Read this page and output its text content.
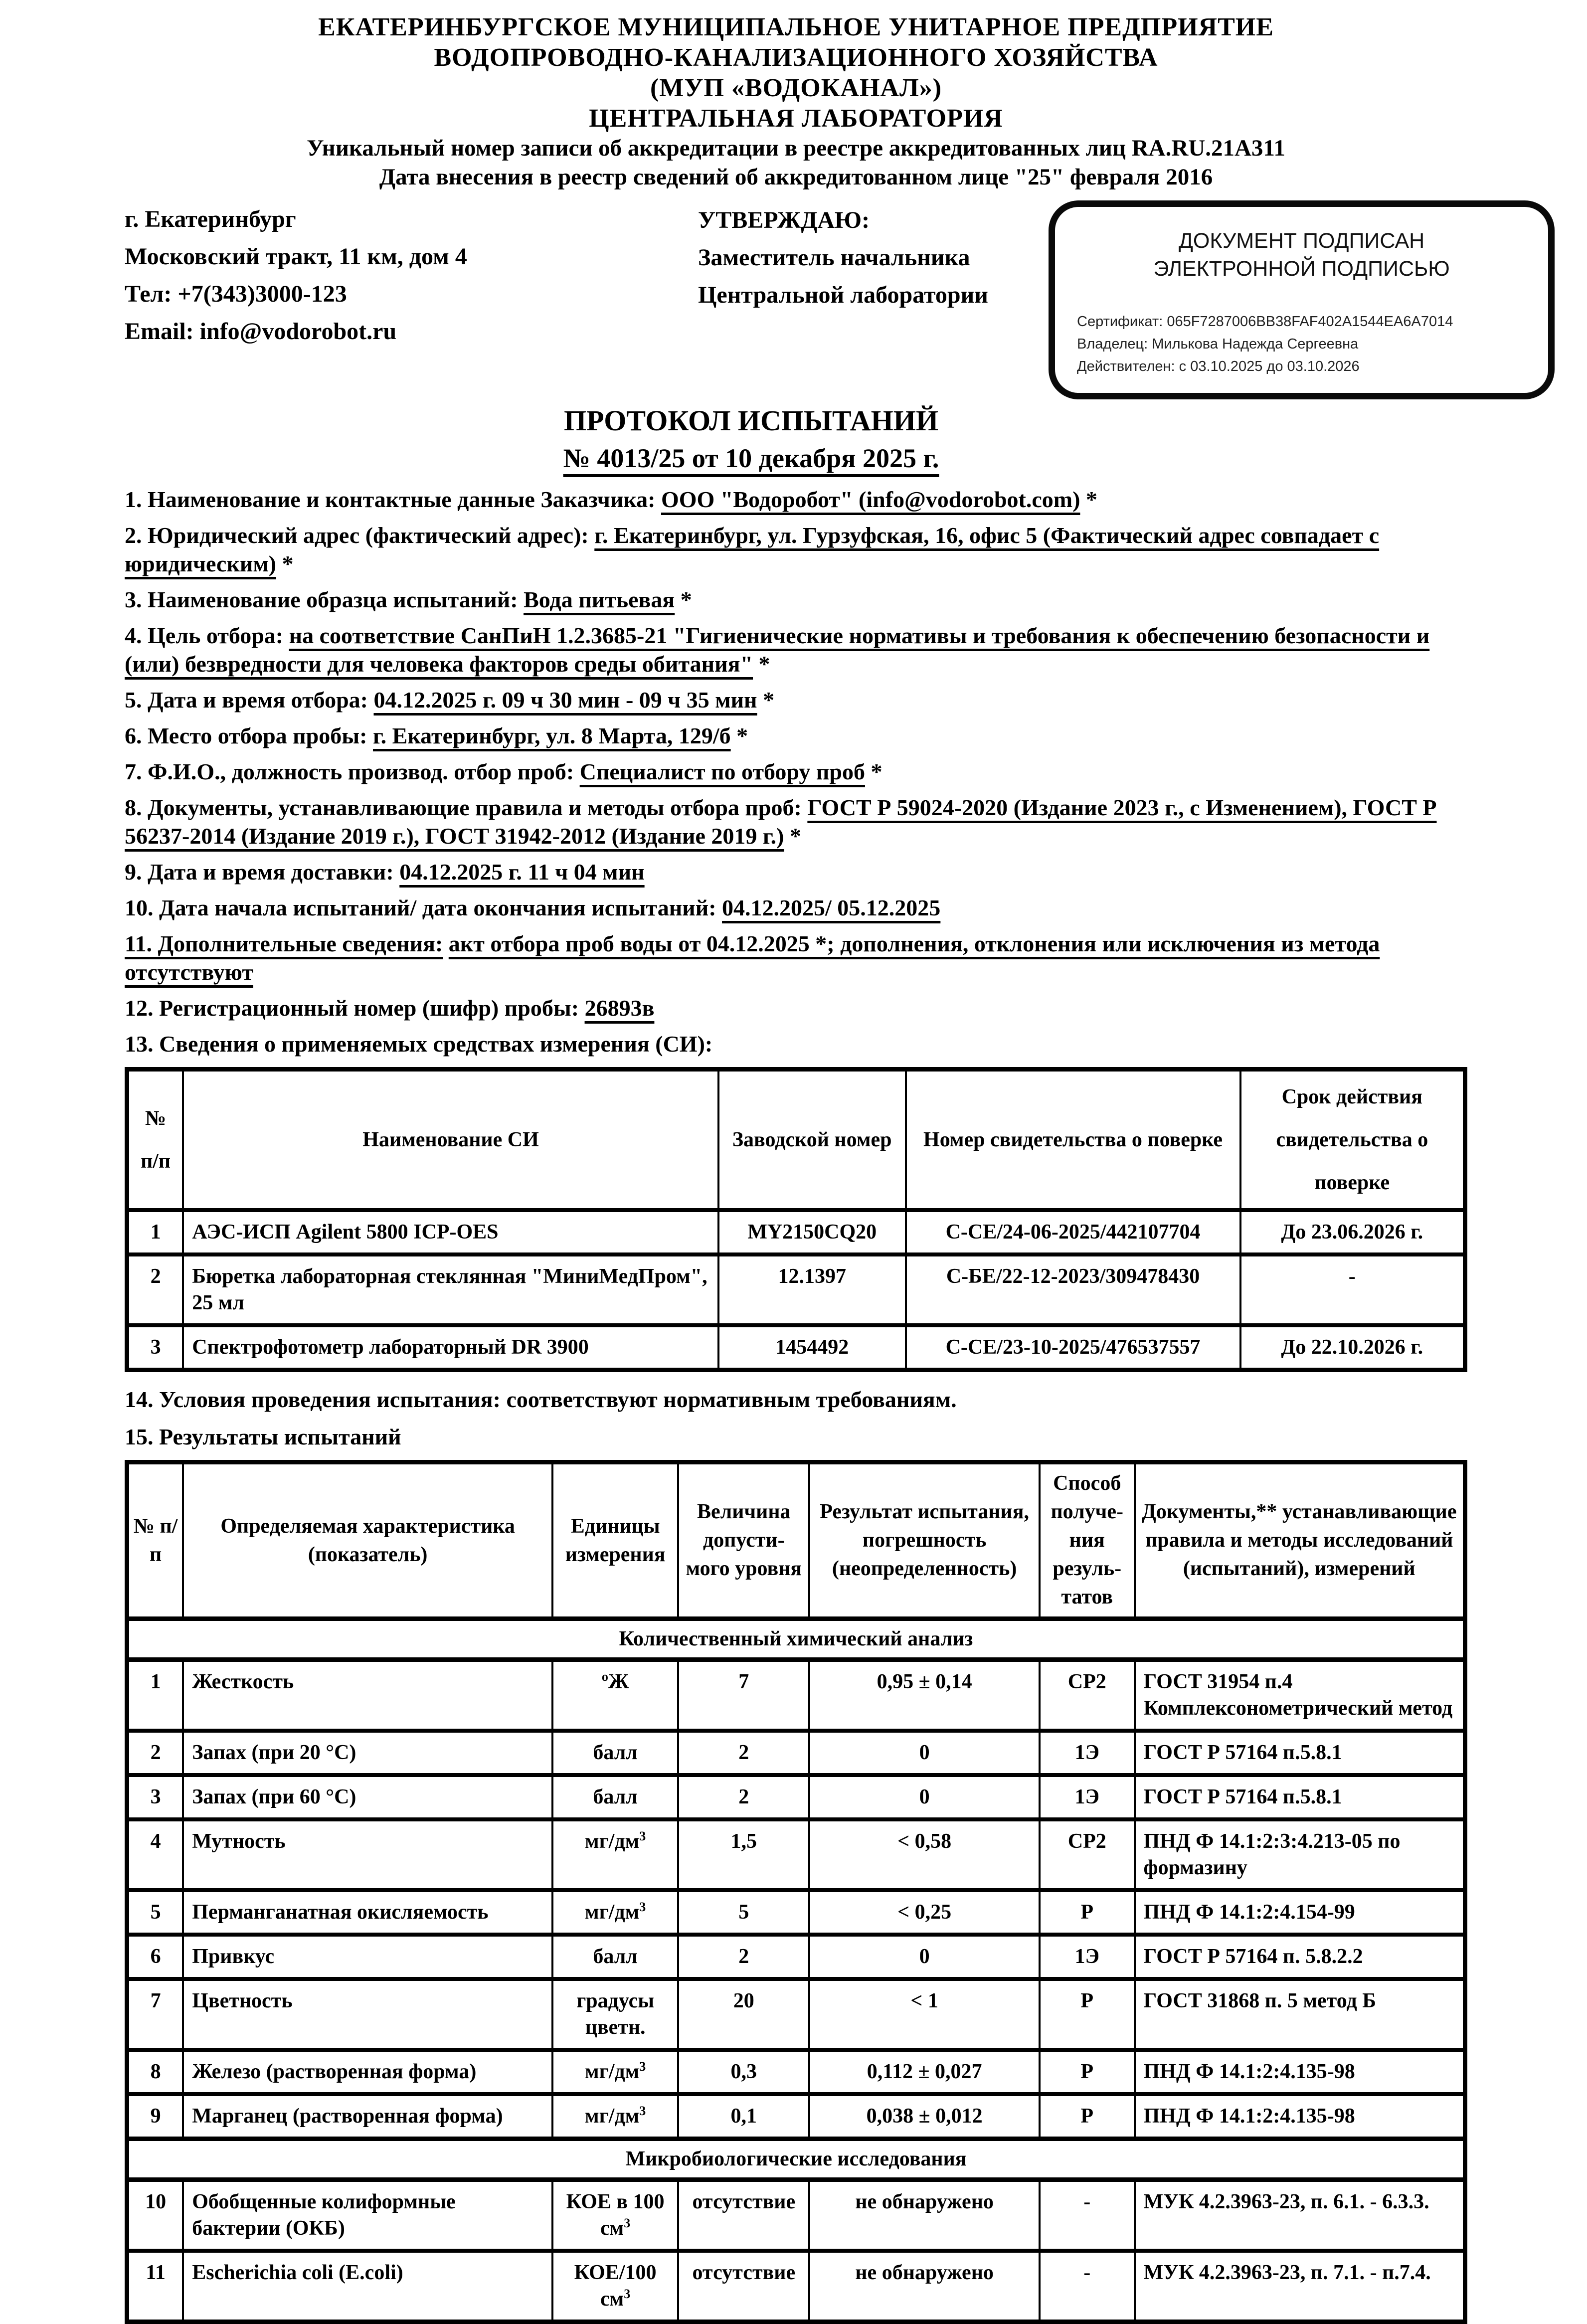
ЕКАТЕРИНБУРГСКОЕ МУНИЦИПАЛЬНОЕ УНИТАРНОЕ ПРЕДПРИЯТИЕ
ВОДОПРОВОДНО-КАНАЛИЗАЦИОННОГО ХОЗЯЙСТВА
(МУП «ВОДОКАНАЛ»)
ЦЕНТРАЛЬНАЯ ЛАБОРАТОРИЯ
Уникальный номер записи об аккредитации в реестре аккредитованных лиц RA.RU.21А311
Дата внесения в реестр сведений об аккредитованном лице "25" февраля 2016
г. Екатеринбург
Московский тракт, 11 км, дом 4
Тел: +7(343)3000-123
Email: info@vodorobot.ru
УТВЕРЖДАЮ:
Заместитель начальника
Центральной лаборатории
ДОКУМЕНТ ПОДПИСАН
ЭЛЕКТРОННОЙ ПОДПИСЬЮ
Сертификат: 065F7287006BB38FAF402A1544EA6A7014
Владелец: Милькова Надежда Сергеевна
Действителен: с 03.10.2025 до 03.10.2026
ПРОТОКОЛ ИСПЫТАНИЙ
№ 4013/25 от 10 декабря 2025 г.

1. Наименование и контактные данные Заказчика: ООО "Водоробот" (info@vodorobot.com) *

2. Юридический адрес (фактический адрес): г. Екатеринбург, ул. Гурзуфская, 16, офис 5 (Фактический адрес совпадает с юридическим) *

3. Наименование образца испытаний: Вода питьевая *

4. Цель отбора: на соответствие СанПиН 1.2.3685-21 "Гигиенические нормативы и требования к обеспечению безопасности и (или) безвредности для человека факторов среды обитания" *

5. Дата и время отбора: 04.12.2025 г. 09 ч 30 мин - 09 ч 35 мин *

6. Место отбора пробы: г. Екатеринбург, ул. 8 Марта, 129/б *

7. Ф.И.О., должность производ. отбор проб: Специалист по отбору проб *

8. Документы, устанавливающие правила и методы отбора проб: ГОСТ Р 59024-2020 (Издание 2023 г., с Изменением), ГОСТ Р 56237-2014 (Издание 2019 г.), ГОСТ 31942-2012 (Издание 2019 г.) *

9. Дата и время доставки: 04.12.2025 г. 11 ч 04 мин

10. Дата начала испытаний/ дата окончания испытаний: 04.12.2025/ 05.12.2025

11. Дополнительные сведения: акт отбора проб воды от 04.12.2025 *; дополнения, отклонения или исключения из метода отсутствуют

12. Регистрационный номер (шифр) пробы: 26893в

13. Сведения о применяемых средствах измерения (СИ):

№ п/п	Наименование СИ	Заводской номер	Номер свидетельства о поверке	Срок действия свидетельства о поверке
1	АЭС-ИСП Agilent 5800 ICP-OES	MY2150CQ20	С-СЕ/24-06-2025/442107704	До 23.06.2026 г.
2	Бюретка лабораторная стеклянная "МиниМедПром", 25 мл	12.1397	С-БЕ/22-12-2023/309478430	-
3	Спектрофотометр лабораторный DR 3900	1454492	С-СЕ/23-10-2025/476537557	До 22.10.2026 г.

14. Условия проведения испытания: соответствуют нормативным требованиям.

15. Результаты испытаний

№ п/п	Определяемая характеристика (показатель)	Единицы измерения	Величина допусти-мого уровня	Результат испытания, погрешность (неопределенность)	Способ получе-ния резуль-татов	Документы,** устанавливающие правила и методы исследований (испытаний), измерений
Количественный химический анализ						
1	Жесткость	$^о$Ж	7	0,95 ± 0,14	СР2	ГОСТ 31954 п.4 Комплексонометрический метод
2	Запах (при 20 °С)	балл	2	0	1Э	ГОСТ Р 57164 п.5.8.1
3	Запах (при 60 °С)	балл	2	0	1Э	ГОСТ Р 57164 п.5.8.1
4	Мутность	$мг/дм^3$	1,5	< 0,58	СР2	ПНД Ф 14.1:2:3:4.213-05 по формазину
5	Перманганатная окисляемость	$мг/дм^3$	5	< 0,25	Р	ПНД Ф 14.1:2:4.154-99
6	Привкус	балл	2	0	1Э	ГОСТ Р 57164 п. 5.8.2.2
7	Цветность	градусы цветн.	20	< 1	Р	ГОСТ 31868 п. 5 метод Б
8	Железо (растворенная форма)	$мг/дм^3$	0,3	0,112 ± 0,027	Р	ПНД Ф 14.1:2:4.135-98
9	Марганец (растворенная форма)	$мг/дм^3$	0,1	0,038 ± 0,012	Р	ПНД Ф 14.1:2:4.135-98
Микробиологические исследования						
10	Обобщенные колиформные бактерии (ОКБ)	КОЕ в 100 $см^3$	отсутствие	не обнаружено	-	МУК 4.2.3963-23, п. 6.1. - 6.3.3.
11	Escherichia coli (E.coli)	КОЕ/100 $см^3$	отсутствие	не обнаружено	-	МУК 4.2.3963-23, п. 7.1. - п.7.4.
